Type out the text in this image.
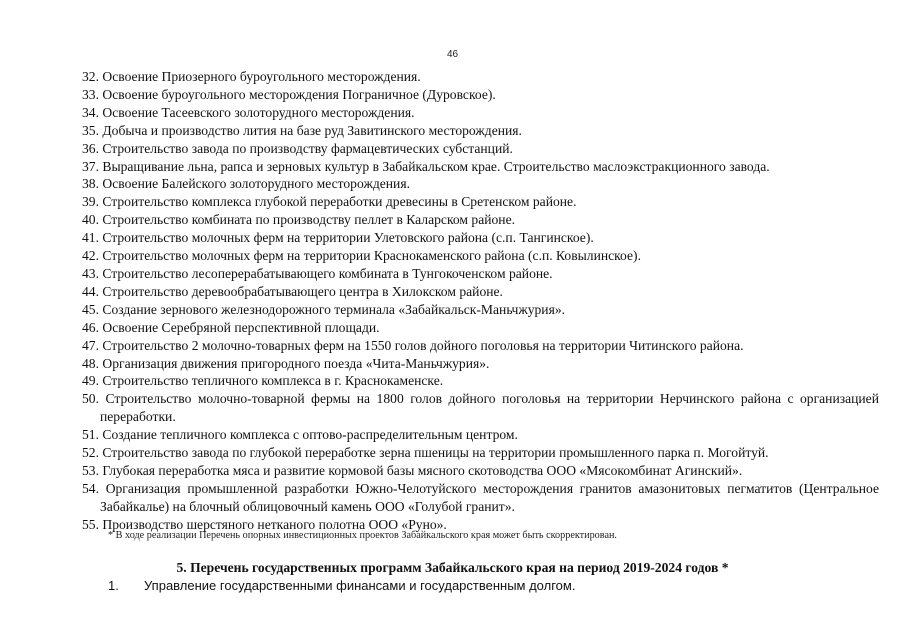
46
32. Освоение Приозерного буроугольного месторождения.
33. Освоение буроугольного месторождения Пограничное (Дуровское).
34. Освоение Тасеевского золоторудного месторождения.
35. Добыча и производство лития на базе руд Завитинского месторождения.
36. Строительство завода по производству фармацевтических субстанций.
37. Выращивание льна, рапса и зерновых культур в Забайкальском крае. Строительство маслоэкстракционного завода.
38. Освоение Балейского золоторудного месторождения.
39. Строительство комплекса глубокой переработки древесины в Сретенском районе.
40. Строительство комбината по производству пеллет в Каларском районе.
41. Строительство молочных ферм на территории Улетовского района (с.п. Тангинское).
42. Строительство молочных ферм на территории Краснокаменского района (с.п. Ковылинское).
43. Строительство лесоперерабатывающего комбината в Тунгокоченском районе.
44. Строительство деревообрабатывающего центра в Хилокском районе.
45. Создание зернового железнодорожного терминала «Забайкальск-Маньчжурия».
46. Освоение Серебряной перспективной площади.
47. Строительство 2 молочно-товарных ферм на 1550 голов дойного поголовья на территории Читинского района.
48. Организация движения пригородного поезда «Чита-Маньчжурия».
49. Строительство тепличного комплекса в г. Краснокаменске.
50. Строительство молочно-товарной фермы на 1800 голов дойного поголовья на территории Нерчинского района с организацией переработки.
51. Создание тепличного комплекса с оптово-распределительным центром.
52. Строительство завода по глубокой переработке зерна пшеницы на территории промышленного парка п. Могойтуй.
53. Глубокая переработка мяса и развитие кормовой базы мясного скотоводства ООО «Мясокомбинат Агинский».
54. Организация промышленной разработки Южно-Челотуйского месторождения гранитов амазонитовых пегматитов (Центральное Забайкалье) на блочный облицовочный камень ООО «Голубой гранит».
55. Производство шерстяного нетканого полотна ООО «Руно».
* В ходе реализации Перечень опорных инвестиционных проектов Забайкальского края может быть скорректирован.
5. Перечень государственных программ Забайкальского края на период 2019-2024 годов *
1. Управление государственными финансами и государственным долгом.
